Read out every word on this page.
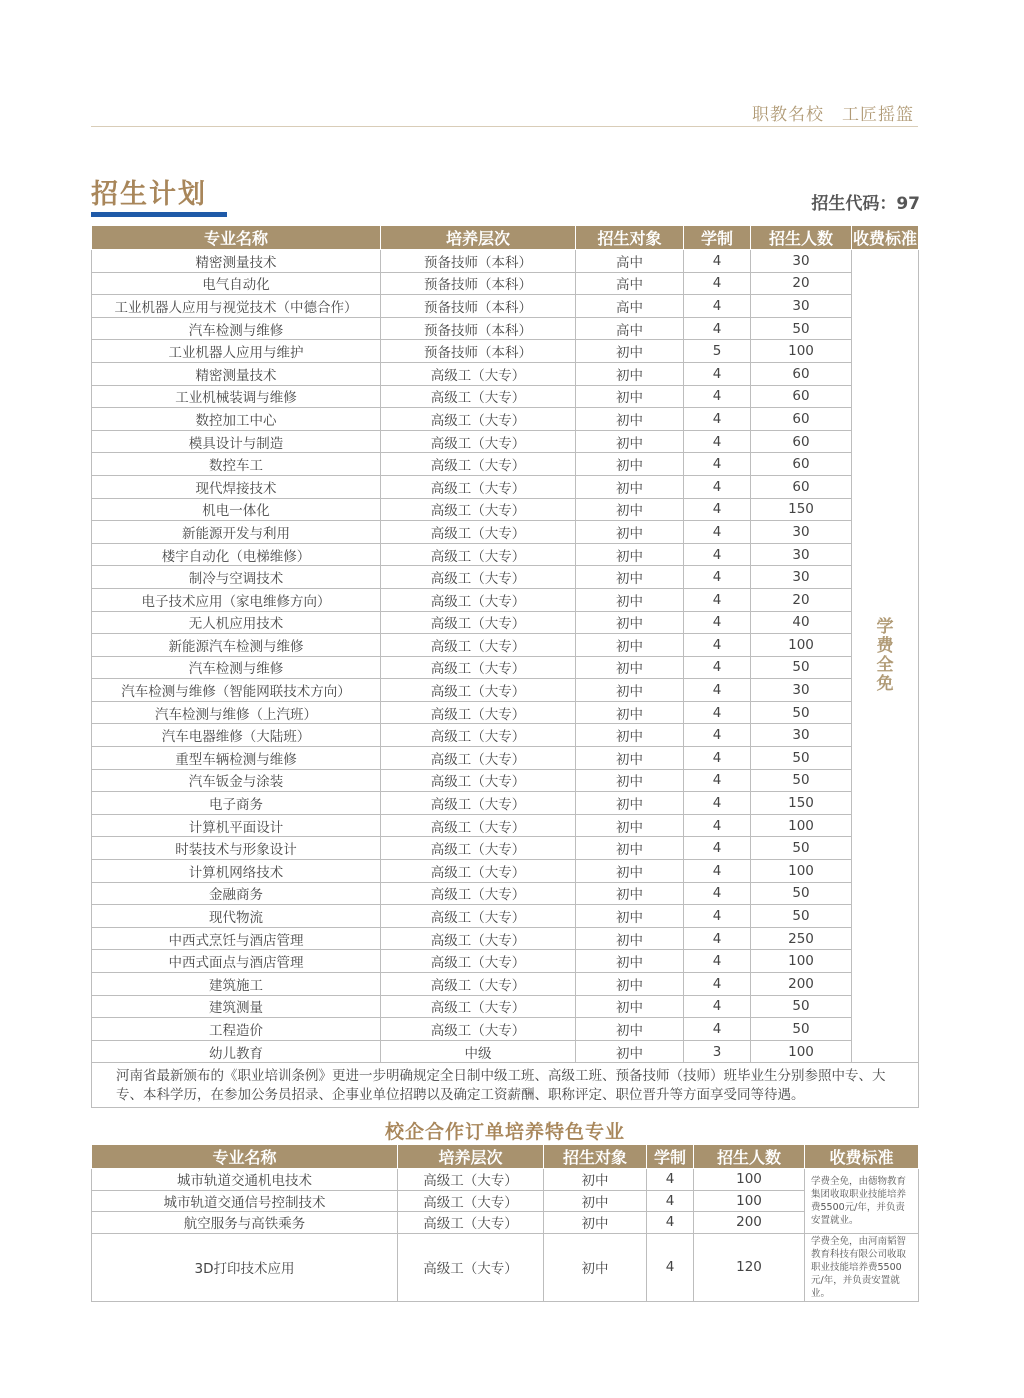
职教名校　工匠摇篮
招生计划	招生代码：97
专业名称	培养层次	招生对象	学制	招生人数	收费标准
精密测量技术	预备技师（本科）	高中	4	30	学费全免
电气自动化	预备技师（本科）	高中	4	20	
工业机器人应用与视觉技术（中德合作）	预备技师（本科）	高中	4	30	
汽车检测与维修	预备技师（本科）	高中	4	50	
工业机器人应用与维护	预备技师（本科）	初中	5	100	
精密测量技术	高级工（大专）	初中	4	60	
工业机械装调与维修	高级工（大专）	初中	4	60	
数控加工中心	高级工（大专）	初中	4	60	
模具设计与制造	高级工（大专）	初中	4	60	
数控车工	高级工（大专）	初中	4	60	
现代焊接技术	高级工（大专）	初中	4	60	
机电一体化	高级工（大专）	初中	4	150	
新能源开发与利用	高级工（大专）	初中	4	30	
楼宇自动化（电梯维修）	高级工（大专）	初中	4	30	
制冷与空调技术	高级工（大专）	初中	4	30	
电子技术应用（家电维修方向）	高级工（大专）	初中	4	20	
无人机应用技术	高级工（大专）	初中	4	40	
新能源汽车检测与维修	高级工（大专）	初中	4	100	
汽车检测与维修	高级工（大专）	初中	4	50	
汽车检测与维修（智能网联技术方向）	高级工（大专）	初中	4	30	
汽车检测与维修（上汽班）	高级工（大专）	初中	4	50	
汽车电器维修（大陆班）	高级工（大专）	初中	4	30	
重型车辆检测与维修	高级工（大专）	初中	4	50	
汽车钣金与涂装	高级工（大专）	初中	4	50	
电子商务	高级工（大专）	初中	4	150	
计算机平面设计	高级工（大专）	初中	4	100	
时装技术与形象设计	高级工（大专）	初中	4	50	
计算机网络技术	高级工（大专）	初中	4	100	
金融商务	高级工（大专）	初中	4	50	
现代物流	高级工（大专）	初中	4	50	
中西式烹饪与酒店管理	高级工（大专）	初中	4	250	
中西式面点与酒店管理	高级工（大专）	初中	4	100	
建筑施工	高级工（大专）	初中	4	200	
建筑测量	高级工（大专）	初中	4	50	
工程造价	高级工（大专）	初中	4	50	
幼儿教育	中级	初中	3	100	
河南省最新颁布的《职业培训条例》更进一步明确规定全日制中级工班、高级工班、预备技师（技师）班毕业生分别参照中专、大专、本科学历，在参加公务员招录、企事业单位招聘以及确定工资薪酬、职称评定、职位晋升等方面享受同等待遇。					
校企合作订单培养特色专业
专业名称	培养层次	招生对象	学制	招生人数	收费标准
城市轨道交通机电技术	高级工（大专）	初中	4	100	学费全免，由德物教育集团收取职业技能培养费5500元/年，并负责安置就业。
城市轨道交通信号控制技术	高级工（大专）	初中	4	100	
航空服务与高铁乘务	高级工（大专）	初中	4	200	
3D打印技术应用	高级工（大专）	初中	4	120	学费全免，由河南韬智教育科技有限公司收取职业技能培养费5500元/年，并负责安置就业。
